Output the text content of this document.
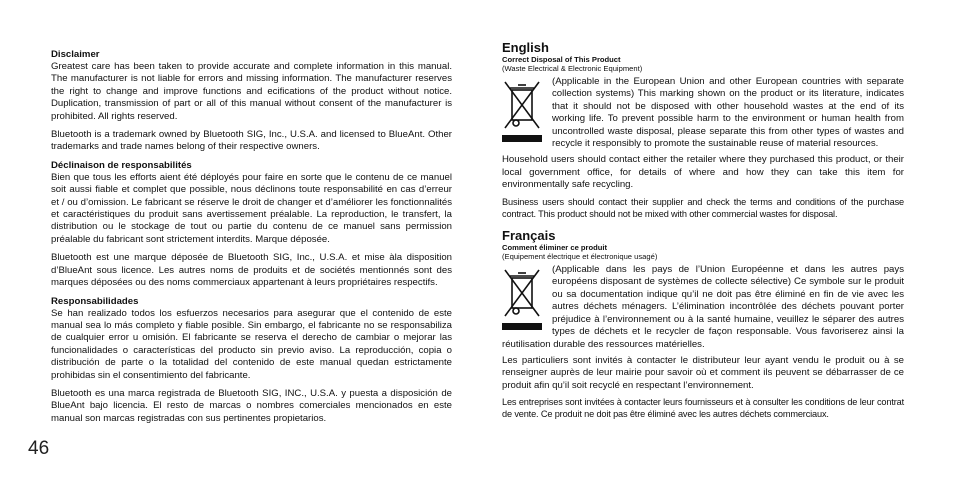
Disclaimer

Greatest care has been taken to provide accurate and complete information in this manual. The manufacturer is not liable for errors and missing information. The manufacturer reserves the right to change and improve functions and ecifications of the product without notice. Duplication, transmission of part or all of this manual without consent of the manufacturer is prohibited. All rights reserved.

Bluetooth is a trademark owned by Bluetooth SIG, Inc., U.S.A. and licensed to BlueAnt. Other trademarks and trade names belong of their respective owners.

Déclinaison de responsabilités

Bien que tous les efforts aient été déployés pour faire en sorte que le contenu de ce manuel soit aussi fiable et complet que possible, nous déclinons toute responsabilité en cas d’erreur et / ou d’omission. Le fabricant se réserve le droit de changer et d’améliorer les fonctionnalités et caractéristiques du produit sans avertissement préalable. La reproduction, le transfert, la distribution ou le stockage de tout ou partie du contenu de ce manuel sans permission préalable du fabricant sont strictement interdits. Marque déposée.

Bluetooth est une marque déposée de Bluetooth SIG, Inc., U.S.A. et mise àla disposition d’BlueAnt sous licence. Les autres noms de produits et de sociétés mentionnés sont des marques déposées ou des noms commerciaux appartenant à leurs propriétaires respectifs.

Responsabilidades

Se han realizado todos los esfuerzos necesarios para asegurar que el contenido de este manual sea lo más completo y fiable posible. Sin embargo, el fabricante no se responsabiliza de cualquier error u omisión. El fabricante se reserva el derecho de cambiar o mejorar las funcionalidades o características del producto sin previo aviso. La reproducción, copia o distribución de parte o la totalidad del contenido de este manual quedan estrictamente prohibidas sin el consentimiento del fabricante.

Bluetooth es una marca registrada de Bluetooth SIG, INC., U.S.A. y puesta a disposición de BlueAnt bajo licencia. El resto de marcas o nombres comerciales mencionados en este manual son marcas registradas con sus pertinentes propietarios.

English

Correct Disposal of This Product

(Waste Electrical & Electronic Equipment)

(Applicable in the European Union and other European countries with separate collection systems) This marking shown on the product or its literature, indicates that it should not be disposed with other household wastes at the end of its working life. To prevent possible harm to the environment or human health from uncontrolled waste disposal, please separate this from other types of wastes and recycle it responsibly to promote the sustainable reuse of material resources.

Household users should contact either the retailer where they purchased this product, or their local government office, for details of where and how they can take this item for environmentally safe recycling.

Business users should contact their supplier and check the terms and conditions of the purchase contract. This product should not be mixed with other commercial wastes for disposal.

Français

Comment éliminer ce produit

(Equipement électrique et électronique usagé)

(Applicable dans les pays de l’Union Européenne et dans les autres pays européens disposant de systèmes de collecte sélective) Ce symbole sur le produit ou sa documentation indique qu’il ne doit pas être éliminé en fin de vie avec les autres déchets ménagers. L’élimination incontrôlée des déchets pouvant porter préjudice à l’environnement ou à la santé humaine, veuillez le séparer des autres types de déchets et le recycler de façon responsable. Vous favoriserez ainsi la réutilisation durable des ressources matérielles.

Les particuliers sont invités à contacter le distributeur leur ayant vendu le produit ou à se renseigner auprès de leur mairie pour savoir où et comment ils peuvent se débarrasser de ce produit afin qu’il soit recyclé en respectant l’environnement.

Les entreprises sont invitées à contacter leurs fournisseurs et à consulter les conditions de leur contrat de vente. Ce produit ne doit pas être éliminé avec les autres déchets commerciaux.

46
